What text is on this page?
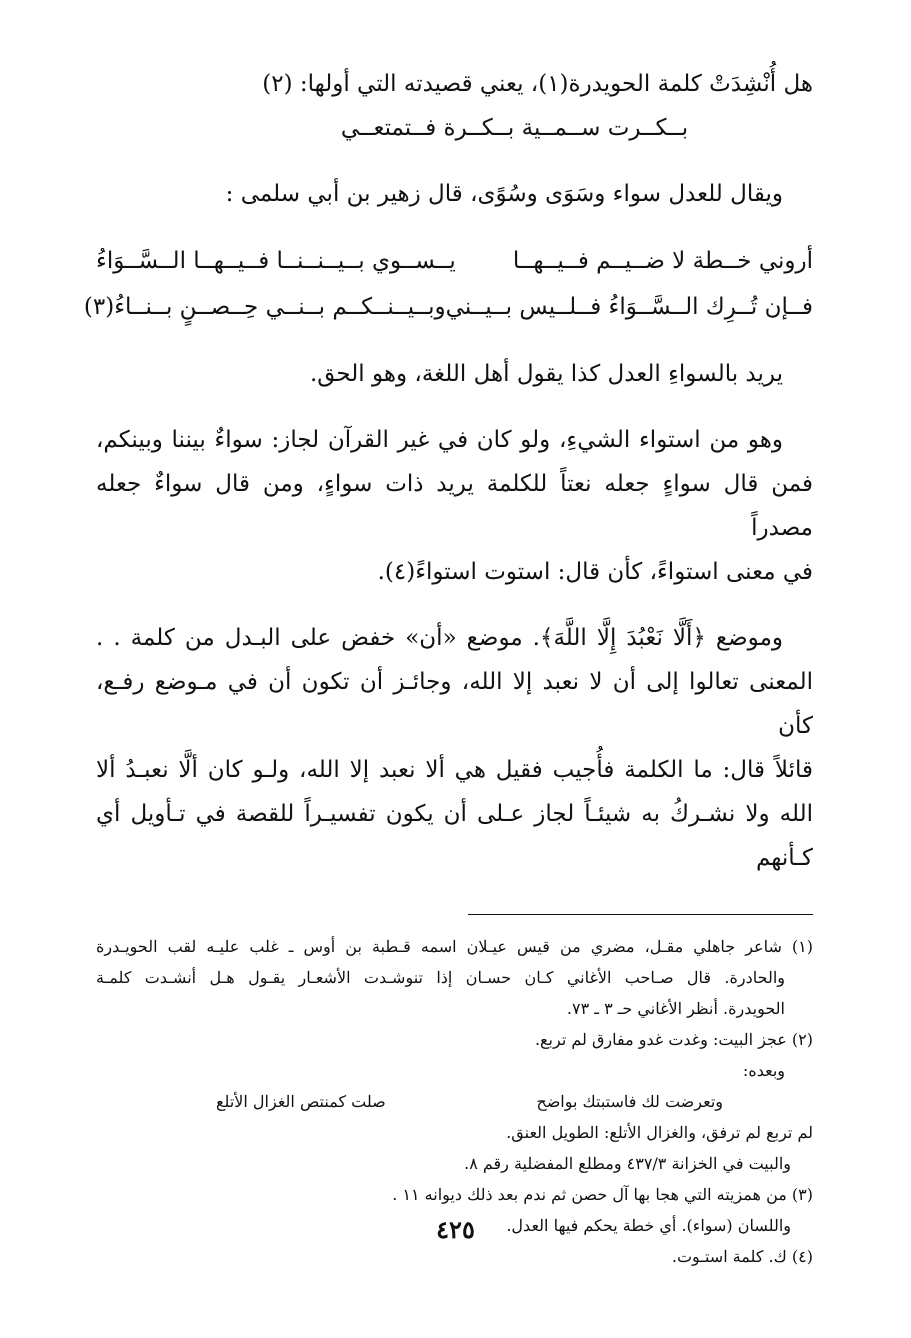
هل أُنْشِدَتْ كلمة الحويدرة(١)، يعني قصيدته التي أولها: (٢)
بــكــرت ســمــية بــكــرة فــتمتعــي
ويقال للعدل سواء وسَوَى وسُوًى، قال زهير بن أبي سلمى :
أروني خــطة لا ضــيــم فــيــهــا
يــســوي بــيــنــنــا فــيــهــا الــسَّــوَاءُ
فــإن تُــرِك الــسَّــوَاءُ فــلــيس بــيــني
وبــيــنــكــم بــنــي حِــصــنٍ بــنــاءُ(٣)
يريد بالسواءِ العدل كذا يقول أهل اللغة، وهو الحق.
وهو من استواء الشيءِ، ولو كان في غير القرآن لجاز: سواءٌ بيننا وبينكم،
فمن قال سواءٍ جعله نعتاً للكلمة يريد ذات سواءٍ، ومن قال سواءٌ جعله مصدراً
في معنى استواءً، كأن قال: استوت استواءً(٤).
وموضع ﴿أَلَّا نَعْبُدَ إِلَّا اللَّهَ﴾. موضع «أن» خفض على البـدل من كلمة . .
المعنى تعالوا إلى أن لا نعبد إلا الله، وجائـز أن تكون أن في مـوضع رفـع، كأن
قائلاً قال: ما الكلمة فأُجيب فقيل هي ألا نعبد إلا الله، ولـو كان ألَّا نعبـدُ ألا
الله ولا نشـركُ به شيئـاً لجاز عـلى أن يكون تفسيـراً للقصة في تـأويل أي كـأنهم
(١) شاعر جاهلي مقـل، مضري من قيس عيـلان اسمه قـطبة بن أوس ـ غلب عليـه لقب الحويـدرة
والحادرة. قال صـاحب الأغاني كـان حسـان إذا تنوشـدت الأشعـار يقـول هـل أنشـدت كلمـة
الحويدرة. أنظر الأغاني حـ ٣ ـ ٧٣.
(٢) عجز البيت: وغدت غدو مفارق لم تربع.
وبعده:
وتعرضت لك فاستبتك بواضح
صلت كمنتص الغزال الأتلع
لم تربع لم ترفق، والغزال الأتلع: الطويل العنق.
والبيت في الخزانة ٤٣٧/٣ ومطلع المفضلية رقم ٨.
(٣) من همزيته التي هجا بها آل حصن ثم ندم بعد ذلك ديوانه ١١ .
واللسان (سواء). أي خطة يحكم فيها العدل.
(٤) ك. كلمة استـوت.
٤٢٥
